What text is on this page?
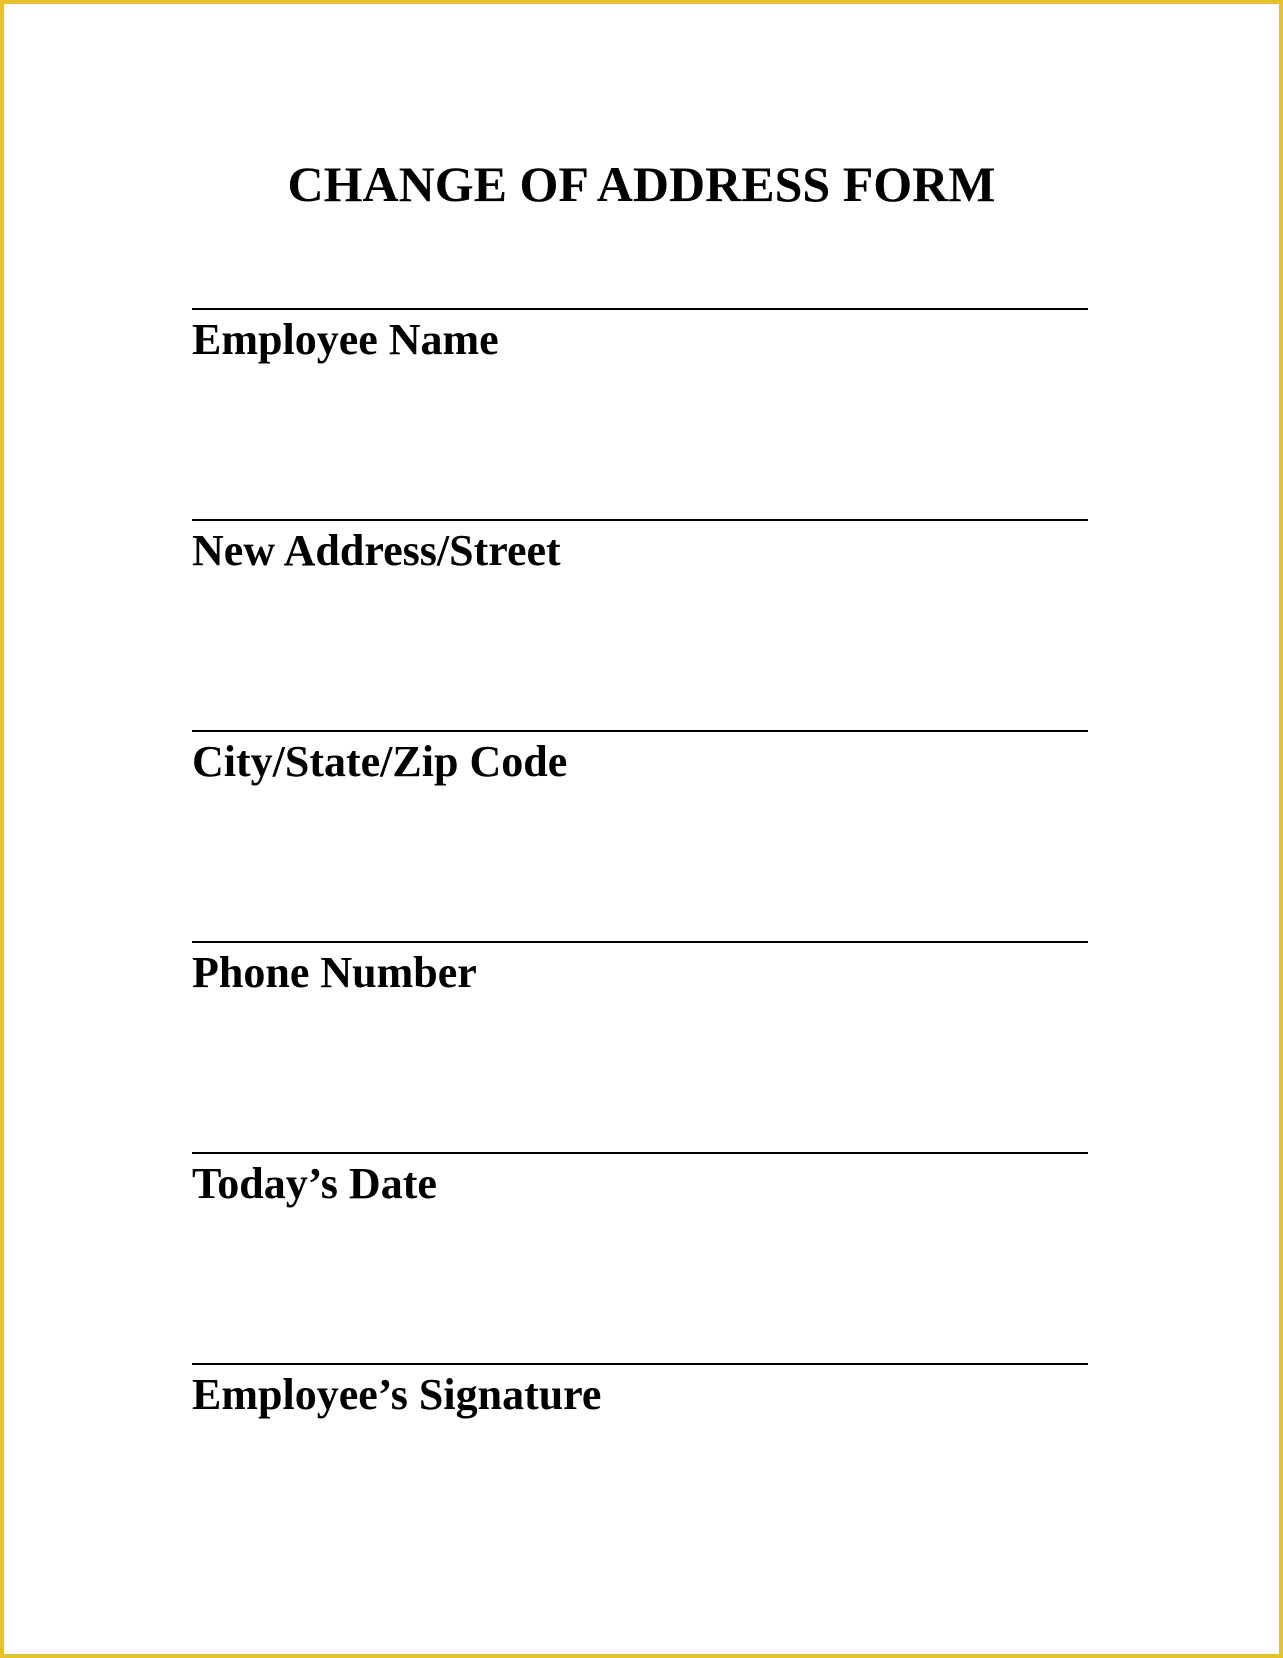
CHANGE OF ADDRESS FORM
Employee Name
New Address/Street
City/State/Zip Code
Phone Number
Today’s Date
Employee’s Signature
